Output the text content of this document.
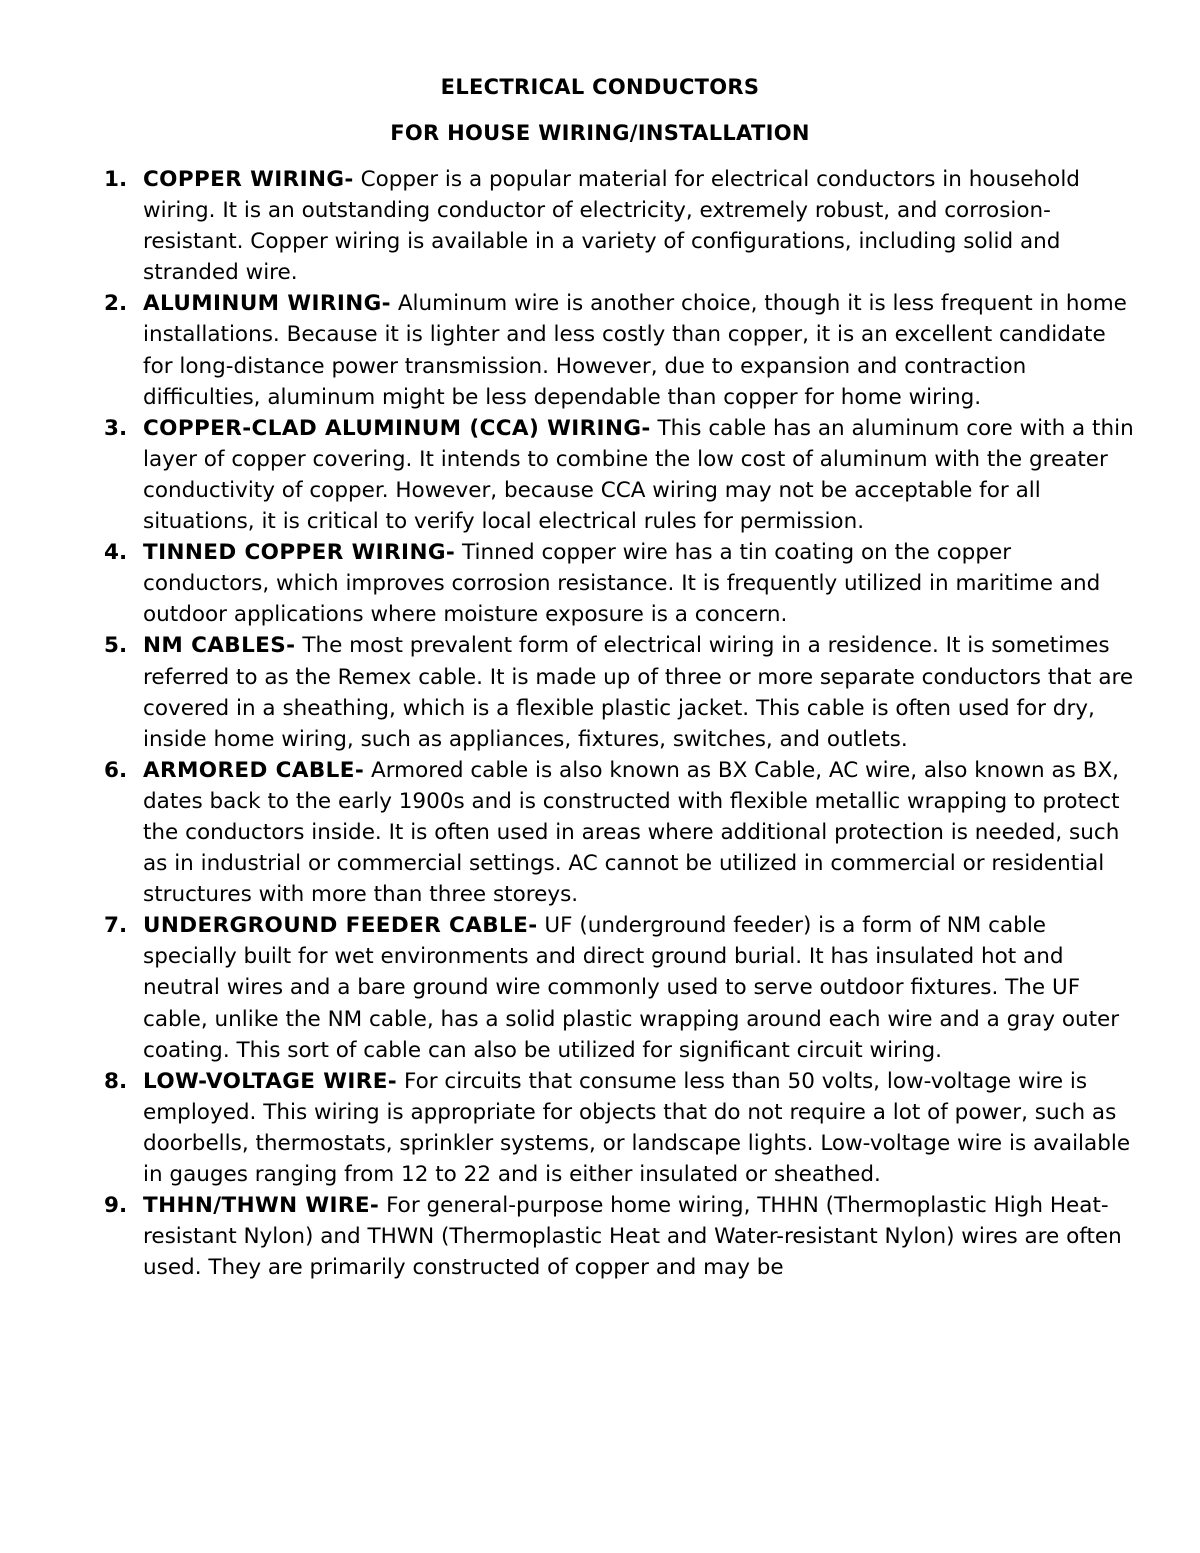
ELECTRICAL CONDUCTORS
FOR HOUSE WIRING/INSTALLATION
1. COPPER WIRING- Copper is a popular material for electrical conductors in household wiring. It is an outstanding conductor of electricity, extremely robust, and corrosion-resistant. Copper wiring is available in a variety of configurations, including solid and stranded wire.
2. ALUMINUM WIRING- Aluminum wire is another choice, though it is less frequent in home installations. Because it is lighter and less costly than copper, it is an excellent candidate for long-distance power transmission. However, due to expansion and contraction difficulties, aluminum might be less dependable than copper for home wiring.
3. COPPER-CLAD ALUMINUM (CCA) WIRING- This cable has an aluminum core with a thin layer of copper covering. It intends to combine the low cost of aluminum with the greater conductivity of copper. However, because CCA wiring may not be acceptable for all situations, it is critical to verify local electrical rules for permission.
4. TINNED COPPER WIRING- Tinned copper wire has a tin coating on the copper conductors, which improves corrosion resistance. It is frequently utilized in maritime and outdoor applications where moisture exposure is a concern.
5. NM CABLES- The most prevalent form of electrical wiring in a residence. It is sometimes referred to as the Remex cable. It is made up of three or more separate conductors that are covered in a sheathing, which is a flexible plastic jacket. This cable is often used for dry, inside home wiring, such as appliances, fixtures, switches, and outlets.
6. ARMORED CABLE- Armored cable is also known as BX Cable, AC wire, also known as BX, dates back to the early 1900s and is constructed with flexible metallic wrapping to protect the conductors inside. It is often used in areas where additional protection is needed, such as in industrial or commercial settings. AC cannot be utilized in commercial or residential structures with more than three storeys.
7. UNDERGROUND FEEDER CABLE- UF (underground feeder) is a form of NM cable specially built for wet environments and direct ground burial. It has insulated hot and neutral wires and a bare ground wire commonly used to serve outdoor fixtures. The UF cable, unlike the NM cable, has a solid plastic wrapping around each wire and a gray outer coating. This sort of cable can also be utilized for significant circuit wiring.
8. LOW-VOLTAGE WIRE- For circuits that consume less than 50 volts, low-voltage wire is employed. This wiring is appropriate for objects that do not require a lot of power, such as doorbells, thermostats, sprinkler systems, or landscape lights. Low-voltage wire is available in gauges ranging from 12 to 22 and is either insulated or sheathed.
9. THHN/THWN WIRE- For general-purpose home wiring, THHN (Thermoplastic High Heat-resistant Nylon) and THWN (Thermoplastic Heat and Water-resistant Nylon) wires are often used. They are primarily constructed of copper and may be
